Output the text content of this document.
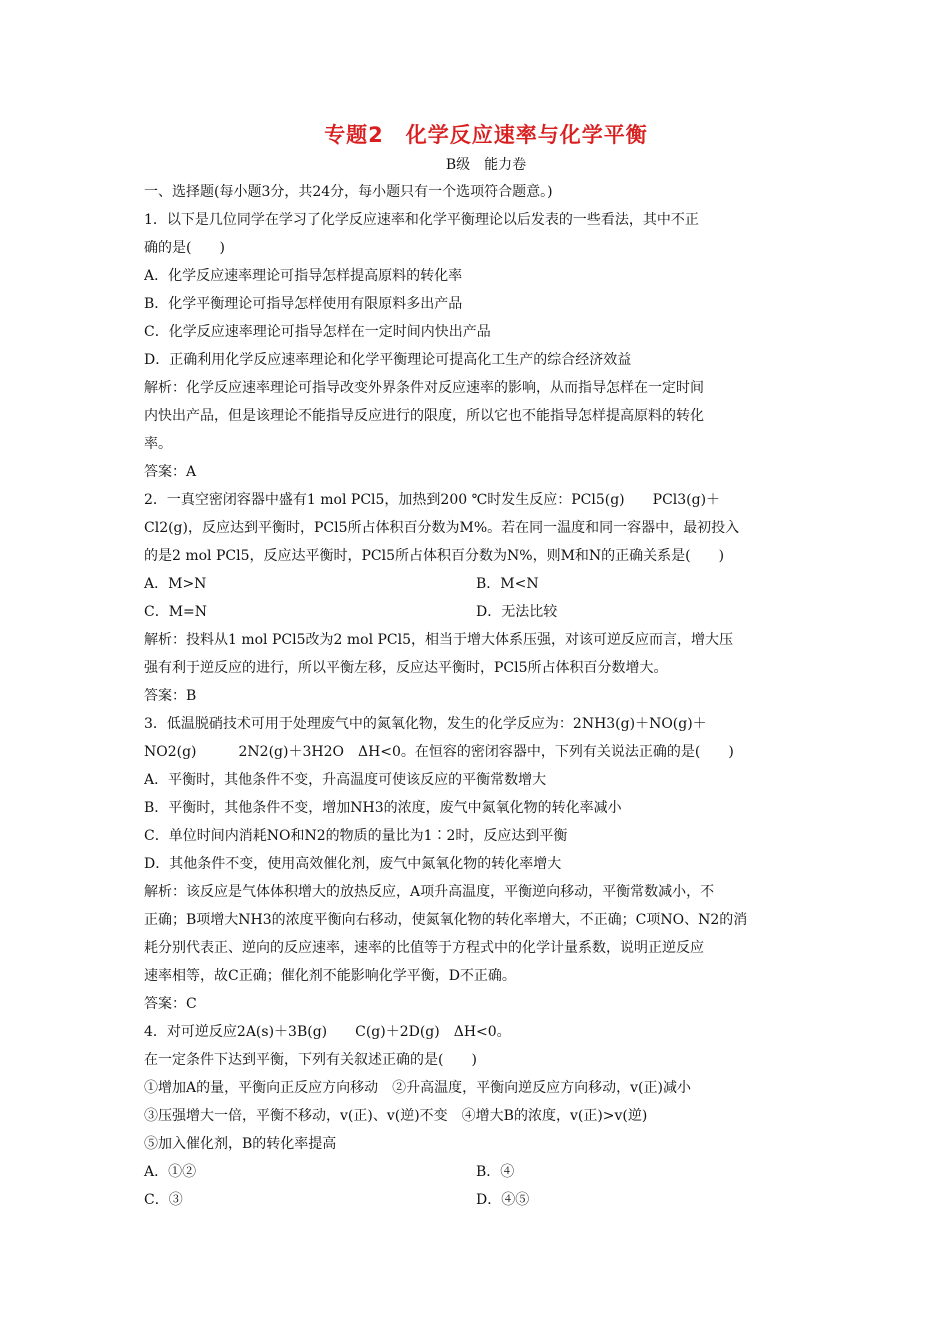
专题2　化学反应速率与化学平衡
B级　能力卷
一、选择题(每小题3分，共24分，每小题只有一个选项符合题意。)
1．以下是几位同学在学习了化学反应速率和化学平衡理论以后发表的一些看法，其中不正
确的是(　　)
A．化学反应速率理论可指导怎样提高原料的转化率
B．化学平衡理论可指导怎样使用有限原料多出产品
C．化学反应速率理论可指导怎样在一定时间内快出产品
D．正确利用化学反应速率理论和化学平衡理论可提高化工生产的综合经济效益
解析：化学反应速率理论可指导改变外界条件对反应速率的影响，从而指导怎样在一定时间
内快出产品，但是该理论不能指导反应进行的限度，所以它也不能指导怎样提高原料的转化
率。
答案：A
2．一真空密闭容器中盛有1 mol PCl5，加热到200 ℃时发生反应：PCl5(g)　　PCl3(g)＋
Cl2(g)，反应达到平衡时，PCl5所占体积百分数为M%。若在同一温度和同一容器中，最初投入
的是2 mol PCl5，反应达平衡时，PCl5所占体积百分数为N%，则M和N的正确关系是(　　)
A．M>N	B．M<N
C．M=N	D．无法比较
解析：投料从1 mol PCl5改为2 mol PCl5，相当于增大体系压强，对该可逆反应而言，增大压
强有利于逆反应的进行，所以平衡左移，反应达平衡时，PCl5所占体积百分数增大。
答案：B
3．低温脱硝技术可用于处理废气中的氮氧化物，发生的化学反应为：2NH3(g)＋NO(g)＋
NO2(g)　　　2N2(g)＋3H2O　ΔH<0。在恒容的密闭容器中，下列有关说法正确的是(　　)
A．平衡时，其他条件不变，升高温度可使该反应的平衡常数增大
B．平衡时，其他条件不变，增加NH3的浓度，废气中氮氧化物的转化率减小
C．单位时间内消耗NO和N2的物质的量比为1∶2时，反应达到平衡
D．其他条件不变，使用高效催化剂，废气中氮氧化物的转化率增大
解析：该反应是气体体积增大的放热反应，A项升高温度，平衡逆向移动，平衡常数减小，不
正确；B项增大NH3的浓度平衡向右移动，使氮氧化物的转化率增大，不正确；C项NO、N2的消
耗分别代表正、逆向的反应速率，速率的比值等于方程式中的化学计量系数，说明正逆反应
速率相等，故C正确；催化剂不能影响化学平衡，D不正确。
答案：C
4．对可逆反应2A(s)＋3B(g)　　C(g)＋2D(g)　ΔH<0。
在一定条件下达到平衡，下列有关叙述正确的是(　　)
①增加A的量，平衡向正反应方向移动　②升高温度，平衡向逆反应方向移动，v(正)减小
③压强增大一倍，平衡不移动，v(正)、v(逆)不变　④增大B的浓度，v(正)>v(逆)
⑤加入催化剂，B的转化率提高
A．①②	B．④
C．③	D．④⑤
